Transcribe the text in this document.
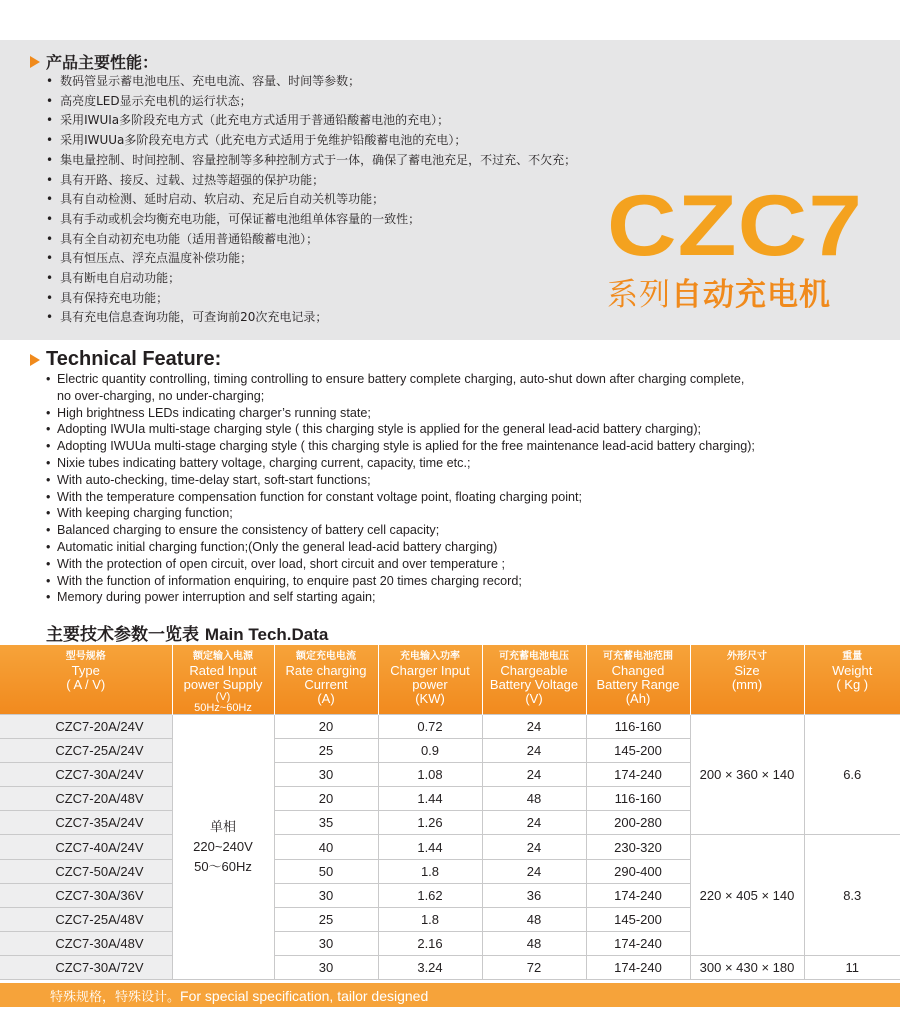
产品主要性能：
• 数码管显示蓄电池电压、充电电流、容量、时间等参数；
• 高亮度LED显示充电机的运行状态；
• 采用IWUIa多阶段充电方式（此充电方式适用于普通铅酸蓄电池的充电）；
• 采用IWUUa多阶段充电方式（此充电方式适用于免维护铅酸蓄电池的充电）；
• 集电量控制、时间控制、容量控制等多种控制方式于一体，确保了蓄电池充足，不过充、不欠充；
• 具有开路、接反、过载、过热等超强的保护功能；
• 具有自动检测、延时启动、软启动、充足后自动关机等功能；
• 具有手动或机会均衡充电功能，可保证蓄电池组单体容量的一致性；
• 具有全自动初充电功能（适用普通铅酸蓄电池）；
• 具有恒压点、浮充点温度补偿功能；
• 具有断电自启动功能；
• 具有保持充电功能；
• 具有充电信息查询功能，可查询前20次充电记录；
CZC7
系列自动充电机
Technical Feature:
• Electric quantity controlling, timing controlling to ensure battery complete charging, auto-shut down after charging complete,
no over-charging, no under-charging;
• High brightness LEDs indicating charger’s running state;
• Adopting IWUIa multi-stage charging style ( this charging style is applied for the general lead-acid battery charging);
• Adopting IWUUa multi-stage charging style ( this charging style is aplied for the free maintenance lead-acid battery charging);
• Nixie tubes indicating battery voltage, charging current, capacity, time etc.;
• With auto-checking, time-delay start, soft-start functions;
• With the temperature compensation function for constant voltage point, floating charging point;
• With keeping charging function;
• Balanced charging to ensure the consistency of battery cell capacity;
• Automatic initial charging function;(Only the general lead-acid battery charging)
• With the protection of open circuit, over load, short circuit and over temperature ;
• With the function of information enquiring, to enquire past 20 times charging record;
• Memory during power interruption and self starting again;
主要技术参数一览表 Main Tech.Data
型号规格
Type
( A / V)	额定输入电源
Rated Input
power Supply
(V)
50Hz~60Hz	额定充电电流
Rate charging
Current
(A)	充电输入功率
Charger Input
power
(KW)	可充蓄电池电压
Chargeable
Battery Voltage
(V)	可充蓄电池范围
Changed
Battery Range
(Ah)	外形尺寸
Size
(mm)	重量
Weight
( Kg )

CZC7-20A/24V	单相
220~240V
50～60Hz	20	0.72	24	116-160	200 × 360 × 140	6.6
CZC7-25A/24V		25	0.9	24	145-200		
CZC7-30A/24V		30	1.08	24	174-240		
CZC7-20A/48V		20	1.44	48	116-160		
CZC7-35A/24V		35	1.26	24	200-280		
CZC7-40A/24V		40	1.44	24	230-320	220 × 405 × 140	8.3
CZC7-50A/24V		50	1.8	24	290-400		
CZC7-30A/36V		30	1.62	36	174-240		
CZC7-25A/48V		25	1.8	48	145-200		
CZC7-30A/48V		30	2.16	48	174-240		
CZC7-30A/72V		30	3.24	72	174-240	300 × 430 × 180	11
特殊规格，特殊设计。For special specification, tailor designed
